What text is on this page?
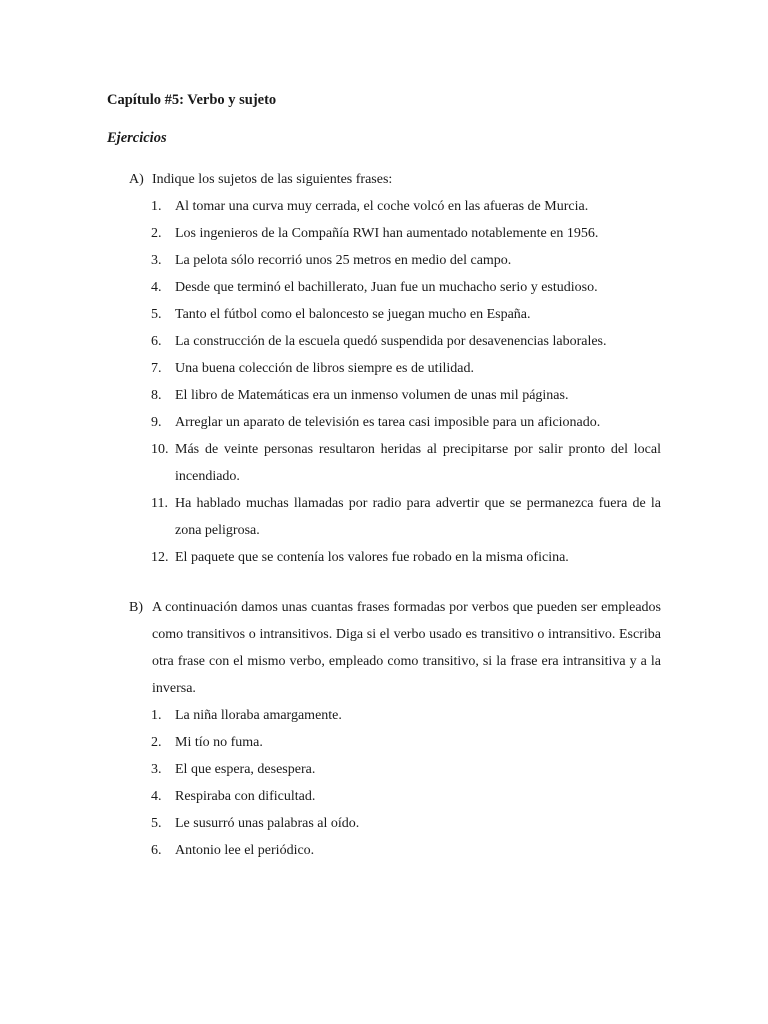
Capítulo #5: Verbo y sujeto
Ejercicios
A) Indique los sujetos de las siguientes frases:
1. Al tomar una curva muy cerrada, el coche volcó en las afueras de Murcia.
2. Los ingenieros de la Compañía RWI han aumentado notablemente en 1956.
3. La pelota sólo recorrió unos 25 metros en medio del campo.
4. Desde que terminó el bachillerato, Juan fue un muchacho serio y estudioso.
5. Tanto el fútbol como el baloncesto se juegan mucho en España.
6. La construcción de la escuela quedó suspendida por desavenencias laborales.
7. Una buena colección de libros siempre es de utilidad.
8. El libro de Matemáticas era un inmenso volumen de unas mil páginas.
9. Arreglar un aparato de televisión es tarea casi imposible para un aficionado.
10. Más de veinte personas resultaron heridas al precipitarse por salir pronto del local incendiado.
11. Ha hablado muchas llamadas por radio para advertir que se permanezca fuera de la zona peligrosa.
12. El paquete que se contenía los valores fue robado en la misma oficina.
B) A continuación damos unas cuantas frases formadas por verbos que pueden ser empleados como transitivos o intransitivos. Diga si el verbo usado es transitivo o intransitivo. Escriba otra frase con el mismo verbo, empleado como transitivo, si la frase era intransitiva y a la inversa.
1. La niña lloraba amargamente.
2. Mi tío no fuma.
3. El que espera, desespera.
4. Respiraba con dificultad.
5. Le susurró unas palabras al oído.
6. Antonio lee el periódico.
